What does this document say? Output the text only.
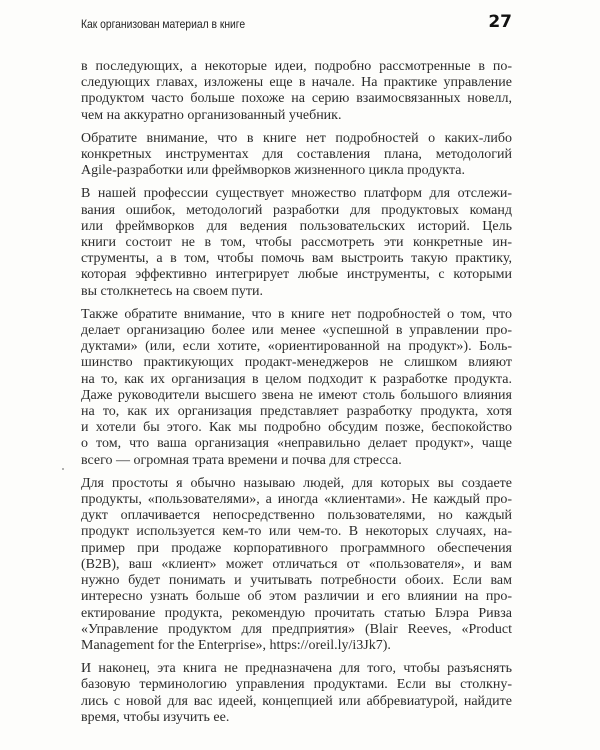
Как организован материал в книге	27
в последующих, а некоторые идеи, подробно рассмотренные в по-
следующих главах, изложены еще в начале. На практике управление
продуктом часто больше похоже на серию взаимосвязанных новелл,
чем на аккуратно организованный учебник.
Обратите внимание, что в книге нет подробностей о каких-либо
конкретных инструментах для составления плана, методологий
Agile-разработки или фреймворков жизненного цикла продукта.
В нашей профессии существует множество платформ для отслежи-
вания ошибок, методологий разработки для продуктовых команд
или фреймворков для ведения пользовательских историй. Цель
книги состоит не в том, чтобы рассмотреть эти конкретные ин-
струменты, а в том, чтобы помочь вам выстроить такую практику,
которая эффективно интегрирует любые инструменты, с которыми
вы столкнетесь на своем пути.
Также обратите внимание, что в книге нет подробностей о том, что
делает организацию более или менее «успешной в управлении про-
дуктами» (или, если хотите, «ориентированной на продукт»). Боль-
шинство практикующих продакт-менеджеров не слишком влияют
на то, как их организация в целом подходит к разработке продукта.
Даже руководители высшего звена не имеют столь большого влияния
на то, как их организация представляет разработку продукта, хотя
и хотели бы этого. Как мы подробно обсудим позже, беспокойство
о том, что ваша организация «неправильно делает продукт», чаще
всего — огромная трата времени и почва для стресса.
Для простоты я обычно называю людей, для которых вы создаете
продукты, «пользователями», а иногда «клиентами». Не каждый про-
дукт оплачивается непосредственно пользователями, но каждый
продукт используется кем-то или чем-то. В некоторых случаях, на-
пример при продаже корпоративного программного обеспечения
(B2B), ваш «клиент» может отличаться от «пользователя», и вам
нужно будет понимать и учитывать потребности обоих. Если вам
интересно узнать больше об этом различии и его влиянии на про-
ектирование продукта, рекомендую прочитать статью Блэра Ривза
«Управление продуктом для предприятия» (Blair Reeves, «Product
Management for the Enterprise», https://oreil.ly/i3Jk7).
И наконец, эта книга не предназначена для того, чтобы разъяснять
базовую терминологию управления продуктами. Если вы столкну-
лись с новой для вас идеей, концепцией или аббревиатурой, найдите
время, чтобы изучить ее.
